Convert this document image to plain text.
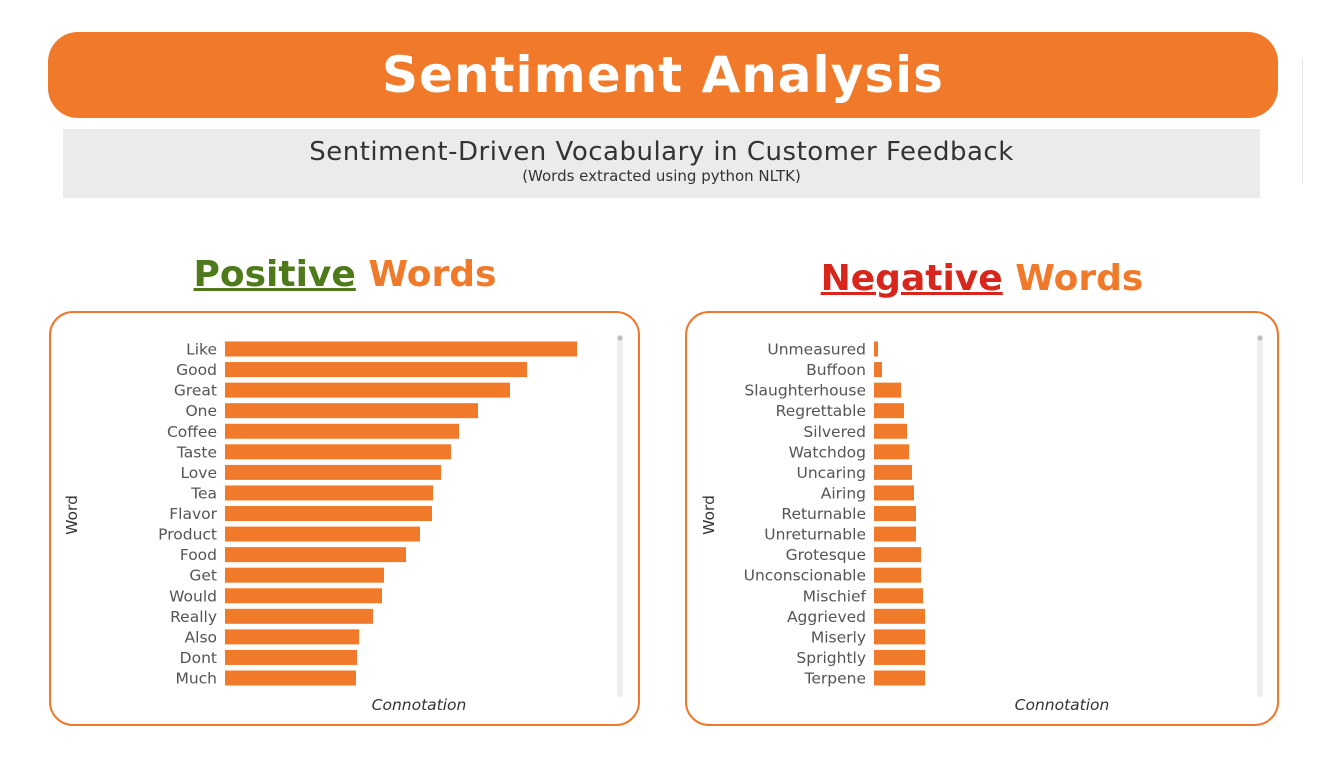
Sentiment Analysis
Sentiment-Driven Vocabulary in Customer Feedback
(Words extracted using python NLTK)
Positive Words	Negative Words
Word
Like
Good
Great
One
Coffee
Taste
Love
Tea
Flavor
Product
Food
Get
Would
Really
Also
Dont
Much
Connotation
Word
Unmeasured
Buffoon
Slaughterhouse
Regrettable
Silvered
Watchdog
Uncaring
Airing
Returnable
Unreturnable
Grotesque
Unconscionable
Mischief
Aggrieved
Miserly
Sprightly
Terpene
Connotation
